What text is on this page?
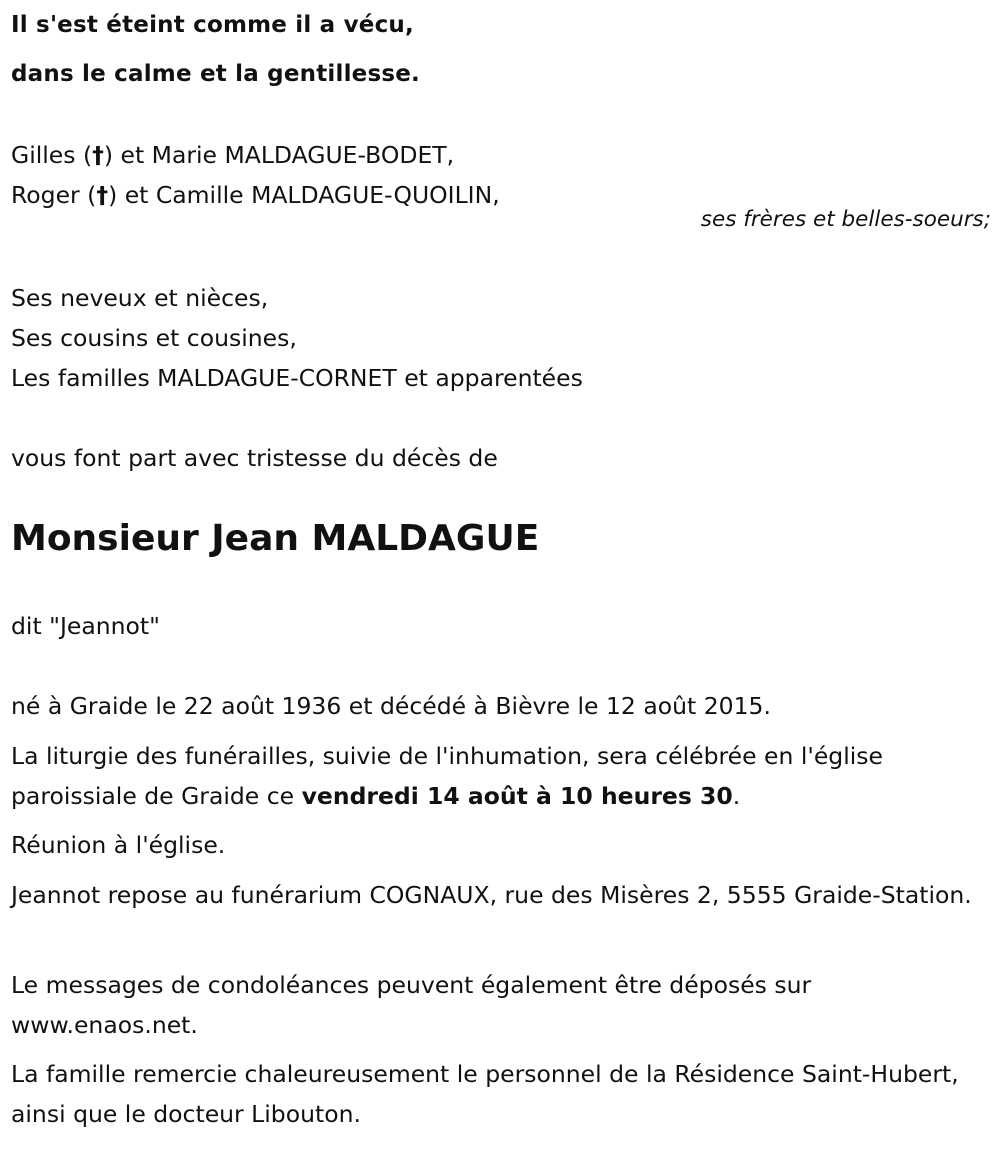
Il s'est éteint comme il a vécu,
dans le calme et la gentillesse.
Gilles (†) et Marie MALDAGUE-BODET,
Roger (†) et Camille MALDAGUE-QUOILIN,
ses frères et belles-soeurs;
Ses neveux et nièces,
Ses cousins et cousines,
Les familles MALDAGUE-CORNET et apparentées
vous font part avec tristesse du décès de
Monsieur Jean MALDAGUE
dit "Jeannot"
né à Graide le 22 août 1936 et décédé à Bièvre le 12 août 2015.
La liturgie des funérailles, suivie de l'inhumation, sera célébrée en l'église paroissiale de Graide ce vendredi 14 août à 10 heures 30.
Réunion à l'église.
Jeannot repose au funérarium COGNAUX, rue des Misères 2, 5555 Graide-Station.
Le messages de condoléances peuvent également être déposés sur www.enaos.net.
La famille remercie chaleureusement le personnel de la Résidence Saint-Hubert, ainsi que le docteur Libouton.
